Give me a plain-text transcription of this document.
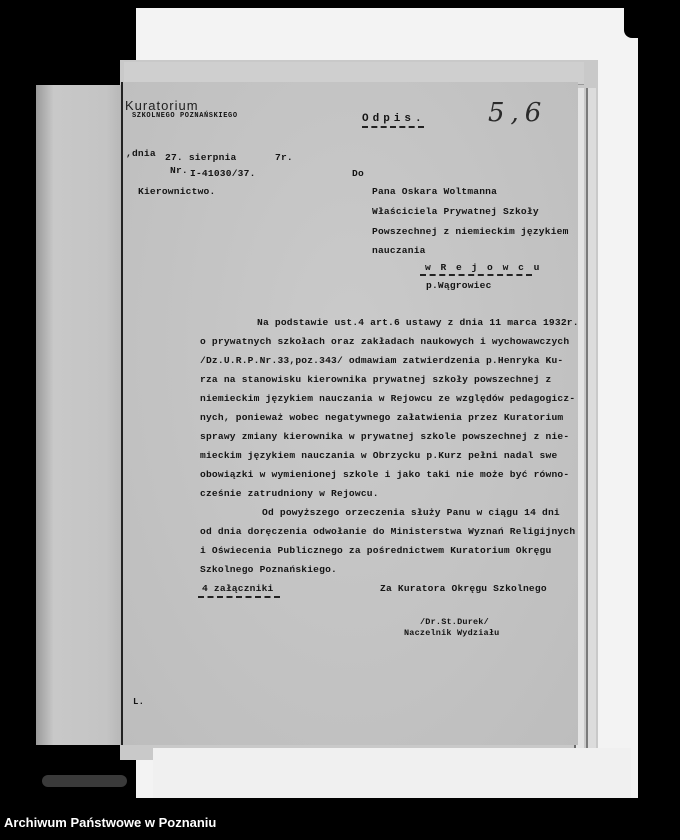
Kuratorium
SZKOLNEGO POZNAŃSKIEGO	Odpis. 5,6
,dnia 27. sierpnia	7r.
Nr. I-41030/37.	Do
Kierownictwo.	Pana Oskara Woltmanna
Właściciela Prywatnej Szkoły
Powszechnej z niemieckim językiem
nauczania
w R e j o w c u
p.Wągrowiec
Na podstawie ust.4 art.6 ustawy z dnia 11 marca 1932r.
o prywatnych szkołach oraz zakładach naukowych i wychowawczych
/Dz.U.R.P.Nr.33,poz.343/ odmawiam zatwierdzenia p.Henryka Ku-
rza na stanowisku kierownika prywatnej szkoły powszechnej z
niemieckim językiem nauczania w Rejowcu ze względów pedagogicz-
nych, ponieważ wobec negatywnego załatwienia przez Kuratorium
sprawy zmiany kierownika w prywatnej szkole powszechnej z nie-
mieckim językiem nauczania w Obrzycku p.Kurz pełni nadal swe
obowiązki w wymienionej szkole i jako taki nie może być równo-
cześnie zatrudniony w Rejowcu.
Od powyższego orzeczenia służy Panu w ciągu 14 dni
od dnia doręczenia odwołanie do Ministerstwa Wyznań Religijnych
i Oświecenia Publicznego za pośrednictwem Kuratorium Okręgu
Szkolnego Poznańskiego.
4 załączniki	Za Kuratora Okręgu Szkolnego
/Dr.St.Durek/
Naczelnik Wydziału
L.
Archiwum Państwowe w Poznaniu
